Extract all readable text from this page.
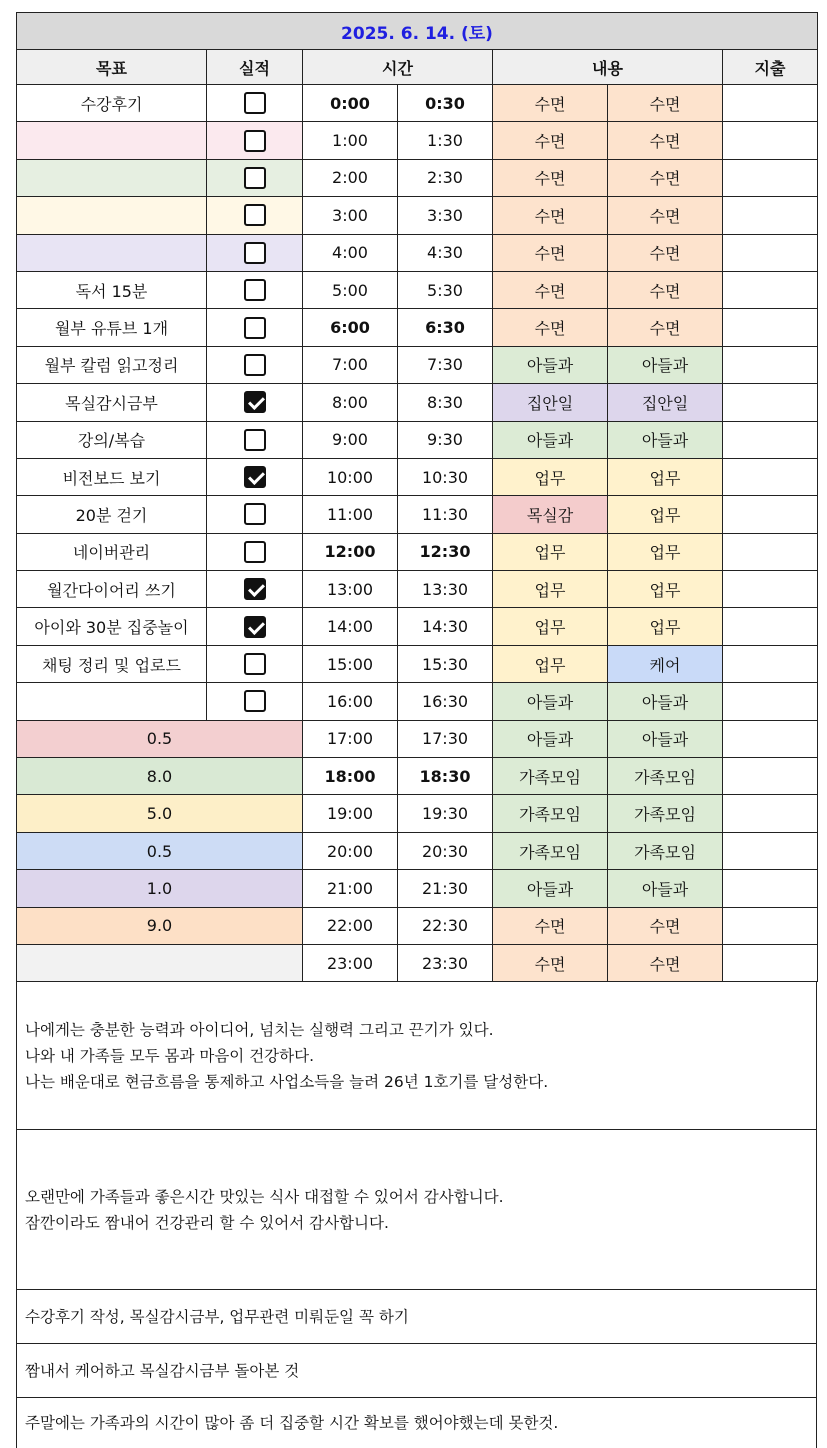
2025. 6. 14. (토)						
목표	실적	시간		내용		지출
수강후기		0:00	0:30	수면	수면	
		1:00	1:30	수면	수면	
		2:00	2:30	수면	수면	
		3:00	3:30	수면	수면	
		4:00	4:30	수면	수면	
독서 15분		5:00	5:30	수면	수면	
월부 유튜브 1개		6:00	6:30	수면	수면	
월부 칼럼 읽고정리		7:00	7:30	아들과	아들과	
목실감시금부		8:00	8:30	집안일	집안일	
강의/복습		9:00	9:30	아들과	아들과	
비전보드 보기		10:00	10:30	업무	업무	
20분 걷기		11:00	11:30	목실감	업무	
네이버관리		12:00	12:30	업무	업무	
월간다이어리 쓰기		13:00	13:30	업무	업무	
아이와 30분 집중놀이		14:00	14:30	업무	업무	
채팅 정리 및 업로드		15:00	15:30	업무	케어	
		16:00	16:30	아들과	아들과	
0.5		17:00	17:30	아들과	아들과	
8.0		18:00	18:30	가족모임	가족모임	
5.0		19:00	19:30	가족모임	가족모임	
0.5		20:00	20:30	가족모임	가족모임	
1.0		21:00	21:30	아들과	아들과	
9.0		22:00	22:30	수면	수면	
		23:00	23:30	수면	수면	
나에게는 충분한 능력과 아이디어, 넘치는 실행력 그리고 끈기가 있다.
나와 내 가족들 모두 몸과 마음이 건강하다.
나는 배운대로 현금흐름을 통제하고 사업소득을 늘려 26년 1호기를 달성한다.
오랜만에 가족들과 좋은시간 맛있는 식사 대접할 수 있어서 감사합니다.
잠깐이라도 짬내어 건강관리 할 수 있어서 감사합니다.
수강후기 작성, 목실감시금부, 업무관련 미뤄둔일 꼭 하기
짬내서 케어하고 목실감시금부 돌아본 것
주말에는 가족과의 시간이 많아 좀 더 집중할 시간 확보를 했어야했는데 못한것.
